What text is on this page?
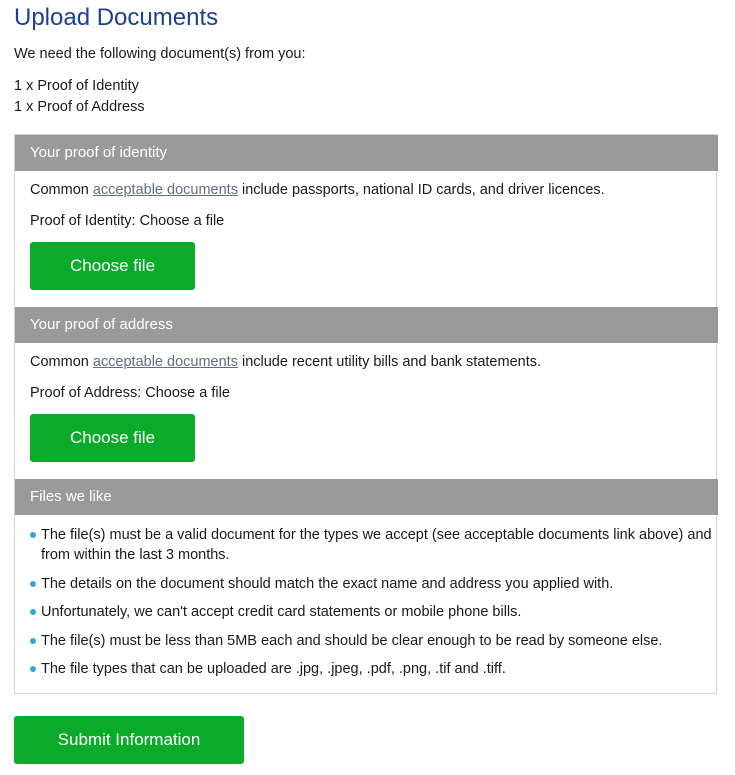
Upload Documents
We need the following document(s) from you:
1 x Proof of Identity
1 x Proof of Address
Your proof of identity
Common acceptable documents include passports, national ID cards, and driver licences.
Proof of Identity: Choose a file
Choose file
Your proof of address
Common acceptable documents include recent utility bills and bank statements.
Proof of Address: Choose a file
Choose file
Files we like
The file(s) must be a valid document for the types we accept (see acceptable documents link above) and from within the last 3 months.
The details on the document should match the exact name and address you applied with.
Unfortunately, we can't accept credit card statements or mobile phone bills.
The file(s) must be less than 5MB each and should be clear enough to be read by someone else.
The file types that can be uploaded are .jpg, .jpeg, .pdf, .png, .tif and .tiff.
Submit Information
